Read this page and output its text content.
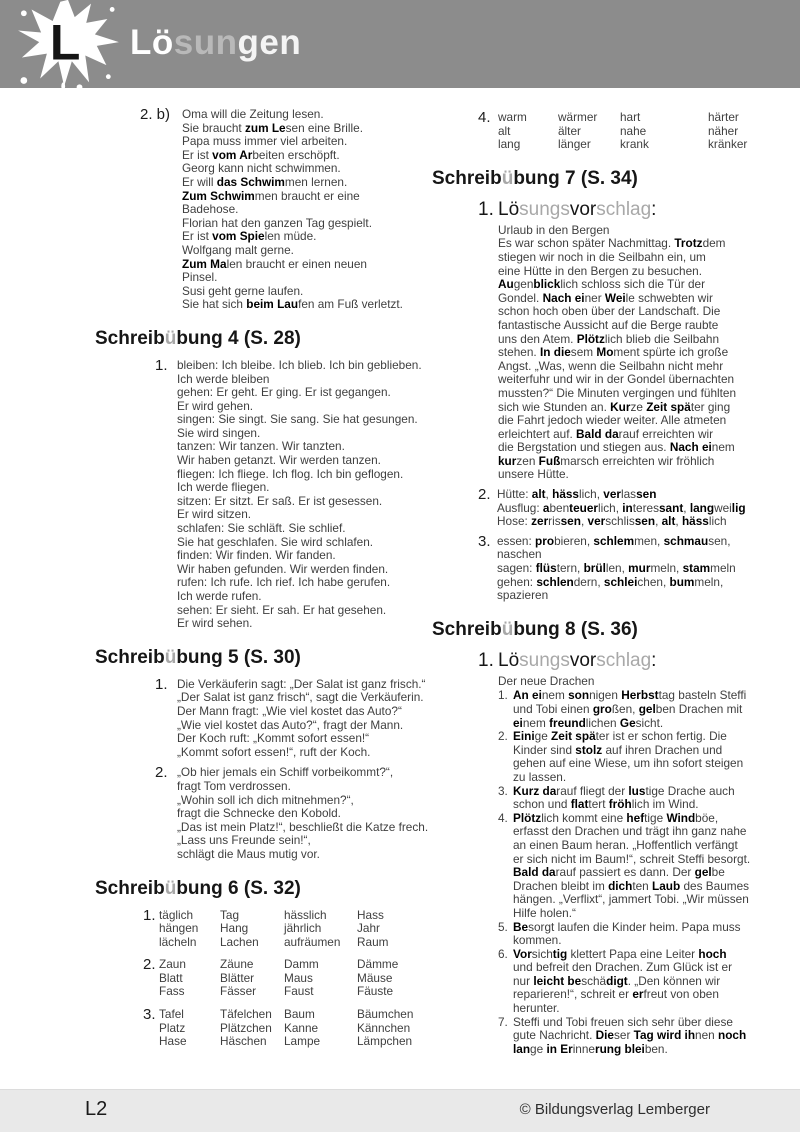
L Lösungen
2. b)	Oma will die Zeitung lesen.
Sie braucht zum Lesen eine Brille.
Papa muss immer viel arbeiten.
Er ist vom Arbeiten erschöpft.
Georg kann nicht schwimmen.
Er will das Schwimmen lernen.
Zum Schwimmen braucht er eine
Badehose.
Florian hat den ganzen Tag gespielt.
Er ist vom Spielen müde.
Wolfgang malt gerne.
Zum Malen braucht er einen neuen
Pinsel.
Susi geht gerne laufen.
Sie hat sich beim Laufen am Fuß verletzt.
Schreibübung 4 (S. 28)
1. bleiben: Ich bleibe. Ich blieb. Ich bin geblieben.
Ich werde bleiben
gehen: Er geht. Er ging. Er ist gegangen.
Er wird gehen.
singen: Sie singt. Sie sang. Sie hat gesungen.
Sie wird singen.
tanzen: Wir tanzen. Wir tanzten.
Wir haben getanzt. Wir werden tanzen.
fliegen: Ich fliege. Ich flog. Ich bin geflogen.
Ich werde fliegen.
sitzen: Er sitzt. Er saß. Er ist gesessen.
Er wird sitzen.
schlafen: Sie schläft. Sie schlief.
Sie hat geschlafen. Sie wird schlafen.
finden: Wir finden. Wir fanden.
Wir haben gefunden. Wir werden finden.
rufen: Ich rufe. Ich rief. Ich habe gerufen.
Ich werde rufen.
sehen: Er sieht. Er sah. Er hat gesehen.
Er wird sehen.
Schreibübung 5 (S. 30)
1. Die Verkäuferin sagt: „Der Salat ist ganz frisch.“
„Der Salat ist ganz frisch“, sagt die Verkäuferin.
Der Mann fragt: „Wie viel kostet das Auto?“
„Wie viel kostet das Auto?“, fragt der Mann.
Der Koch ruft: „Kommt sofort essen!“
„Kommt sofort essen!“, ruft der Koch.
2. „Ob hier jemals ein Schiff vorbeikommt?“,
fragt Tom verdrossen.
„Wohin soll ich dich mitnehmen?“,
fragt die Schnecke den Kobold.
„Das ist mein Platz!“, beschließt die Katze frech.
„Lass uns Freunde sein!“,
schlägt die Maus mutig vor.
Schreibübung 6 (S. 32)
1. täglich	Tag	hässlich	Hass
hängen	Hang	jährlich	Jahr
lächeln	Lachen	aufräumen	Raum
2. Zaun	Zäune	Damm	Dämme
Blatt	Blätter	Maus	Mäuse
Fass	Fässer	Faust	Fäuste
3. Tafel	Täfelchen	Baum	Bäumchen
Platz	Plätzchen	Kanne	Kännchen
Hase	Häschen	Lampe	Lämpchen
4. warm	wärmer	hart	härter
alt	älter	nahe	näher
lang	länger	krank	kränker
Schreibübung 7 (S. 34)
1. Lösungsvorschlag:
Urlaub in den Bergen
Es war schon später Nachmittag. Trotzdem
stiegen wir noch in die Seilbahn ein, um
eine Hütte in den Bergen zu besuchen.
Augenblicklich schloss sich die Tür der
Gondel. Nach einer Weile schwebten wir
schon hoch oben über der Landschaft. Die
fantastische Aussicht auf die Berge raubte
uns den Atem. Plötzlich blieb die Seilbahn
stehen. In diesem Moment spürte ich große
Angst. „Was, wenn die Seilbahn nicht mehr
weiterfuhr und wir in der Gondel übernachten
mussten?“ Die Minuten vergingen und fühlten
sich wie Stunden an. Kurze Zeit später ging
die Fahrt jedoch wieder weiter. Alle atmeten
erleichtert auf. Bald darauf erreichten wir
die Bergstation und stiegen aus. Nach einem
kurzen Fußmarsch erreichten wir fröhlich
unsere Hütte.
2. Hütte: alt, hässlich, verlassen
Ausflug: abenteuerlich, interessant, langweilig
Hose: zerrissen, verschlissen, alt, hässlich
3. essen: probieren, schlemmen, schmausen,
naschen
sagen: flüstern, brüllen, murmeln, stammeln
gehen: schlendern, schleichen, bummeln,
spazieren
Schreibübung 8 (S. 36)
1. Lösungsvorschlag:
Der neue Drachen
1. An einem sonnigen Herbsttag basteln Steffi
und Tobi einen großen, gelben Drachen mit
einem freundlichen Gesicht.
2. Einige Zeit später ist er schon fertig. Die
Kinder sind stolz auf ihren Drachen und
gehen auf eine Wiese, um ihn sofort steigen
zu lassen.
3. Kurz darauf fliegt der lustige Drache auch
schon und flattert fröhlich im Wind.
4. Plötzlich kommt eine heftige Windböe,
erfasst den Drachen und trägt ihn ganz nahe
an einen Baum heran. „Hoffentlich verfängt
er sich nicht im Baum!“, schreit Steffi besorgt.
Bald darauf passiert es dann. Der gelbe
Drachen bleibt im dichten Laub des Baumes
hängen. „Verflixt“, jammert Tobi. „Wir müssen
Hilfe holen.“
5. Besorgt laufen die Kinder heim. Papa muss
kommen.
6. Vorsichtig klettert Papa eine Leiter hoch
und befreit den Drachen. Zum Glück ist er
nur leicht beschädigt. „Den können wir
reparieren!“, schreit er erfreut von oben
herunter.
7. Steffi und Tobi freuen sich sehr über diese
gute Nachricht. Dieser Tag wird ihnen noch
lange in Erinnerung bleiben.
L2	© Bildungsverlag Lemberger
